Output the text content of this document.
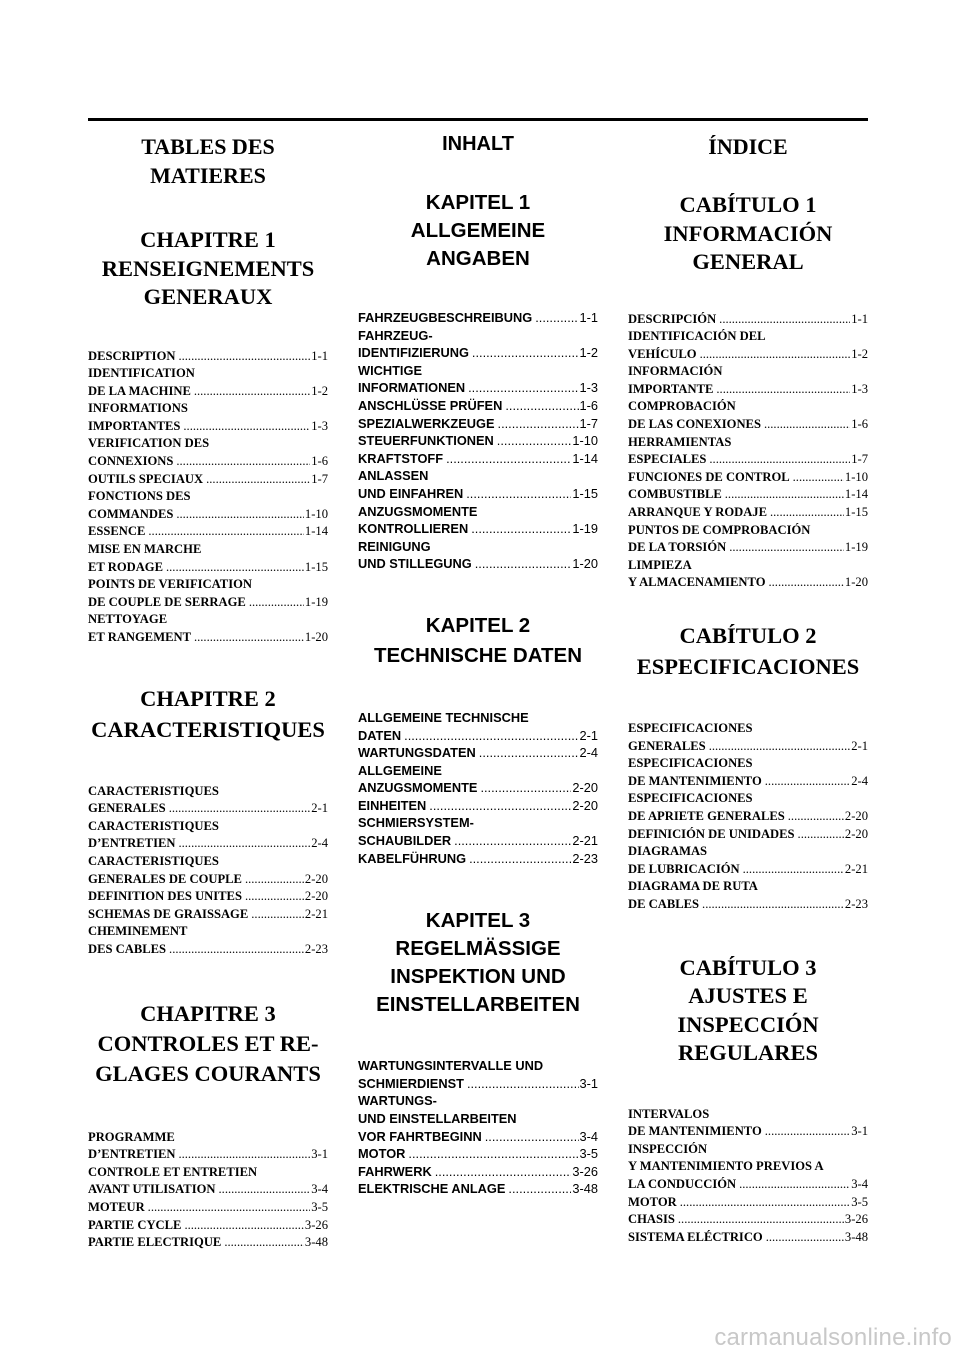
TABLES DES
MATIERES
CHAPITRE 1
RENSEIGNEMENTS
GENERAUX
DESCRIPTION .....	1-1
IDENTIFICATION
DE LA MACHINE .....	1-2
INFORMATIONS
IMPORTANTES .....	1-3
VERIFICATION DES
CONNEXIONS .....	1-6
OUTILS SPECIAUX .....	1-7
FONCTIONS DES
COMMANDES .....	1-10
ESSENCE .....	1-14
MISE EN MARCHE
ET RODAGE .....	1-15
POINTS DE VERIFICATION
DE COUPLE DE SERRAGE .....	1-19
NETTOYAGE
ET RANGEMENT .....	1-20
CHAPITRE 2
CARACTERISTIQUES
CARACTERISTIQUES
GENERALES .....	2-1
CARACTERISTIQUES
D’ENTRETIEN .....	2-4
CARACTERISTIQUES
GENERALES DE COUPLE .....	2-20
DEFINITION DES UNITES .....	2-20
SCHEMAS DE GRAISSAGE .....	2-21
CHEMINEMENT
DES CABLES .....	2-23
CHAPITRE 3
CONTROLES ET RE-
GLAGES COURANTS
PROGRAMME
D’ENTRETIEN .....	3-1
CONTROLE ET ENTRETIEN
AVANT UTILISATION .....	3-4
MOTEUR .....	3-5
PARTIE CYCLE .....	3-26
PARTIE ELECTRIQUE .....	3-48
INHALT
KAPITEL 1
ALLGEMEINE
ANGABEN
FAHRZEUGBESCHREIBUNG .....	1-1
FAHRZEUG-
IDENTIFIZIERUNG .....	1-2
WICHTIGE
INFORMATIONEN .....	1-3
ANSCHLÜSSE PRÜFEN .....	1-6
SPEZIALWERKZEUGE .....	1-7
STEUERFUNKTIONEN .....	1-10
KRAFTSTOFF .....	1-14
ANLASSEN
UND EINFAHREN .....	1-15
ANZUGSMOMENTE
KONTROLLIEREN .....	1-19
REINIGUNG
UND STILLEGUNG .....	1-20
KAPITEL 2
TECHNISCHE DATEN
ALLGEMEINE TECHNISCHE
DATEN .....	2-1
WARTUNGSDATEN .....	2-4
ALLGEMEINE
ANZUGSMOMENTE .....	2-20
EINHEITEN .....	2-20
SCHMIERSYSTEM-
SCHAUBILDER .....	2-21
KABELFÜHRUNG .....	2-23
KAPITEL 3
REGELMÄSSIGE
INSPEKTION UND
EINSTELLARBEITEN
WARTUNGSINTERVALLE UND
SCHMIERDIENST .....	3-1
WARTUNGS-
UND EINSTELLARBEITEN
VOR FAHRTBEGINN .....	3-4
MOTOR .....	3-5
FAHRWERK .....	3-26
ELEKTRISCHE ANLAGE .....	3-48
ÍNDICE
CABÍTULO 1
INFORMACIÓN
GENERAL
DESCRIPCIÓN .....	1-1
IDENTIFICACIÓN DEL
VEHÍCULO .....	1-2
INFORMACIÓN
IMPORTANTE .....	1-3
COMPROBACIÓN
DE LAS CONEXIONES .....	1-6
HERRAMIENTAS
ESPECIALES .....	1-7
FUNCIONES DE CONTROL .....	1-10
COMBUSTIBLE .....	1-14
ARRANQUE Y RODAJE .....	1-15
PUNTOS DE COMPROBACIÓN
DE LA TORSIÓN .....	1-19
LIMPIEZA
Y ALMACENAMIENTO .....	1-20
CABÍTULO 2
ESPECIFICACIONES
ESPECIFICACIONES
GENERALES .....	2-1
ESPECIFICACIONES
DE MANTENIMIENTO .....	2-4
ESPECIFICACIONES
DE APRIETE GENERALES .....	2-20
DEFINICIÓN DE UNIDADES .....	2-20
DIAGRAMAS
DE LUBRICACIÓN .....	2-21
DIAGRAMA DE RUTA
DE CABLES .....	2-23
CABÍTULO 3
AJUSTES E
INSPECCIÓN
REGULARES
INTERVALOS
DE MANTENIMIENTO .....	3-1
INSPECCIÓN
Y MANTENIMIENTO PREVIOS A
LA CONDUCCIÓN .....	3-4
MOTOR .....	3-5
CHASIS .....	3-26
SISTEMA ELÉCTRICO .....	3-48
carmanualsonline.info
